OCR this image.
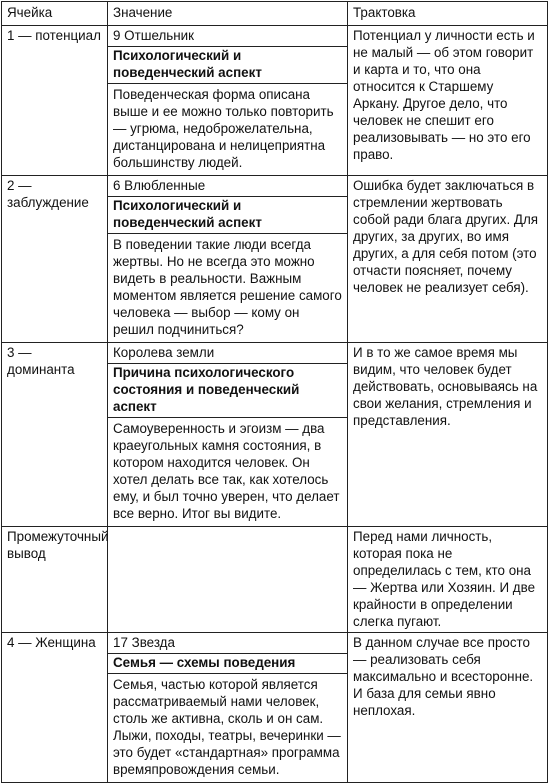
Ячейка	Значение	Трактовка
1 — потенциал	9 Отшельник
Психологический и поведенческий аспект
Поведенческая форма описана выше и ее можно только повторить — угрюма, недоброжелательна, дистанцирована и нелицеприятна большинству людей.	Потенциал у личности есть и не малый — об этом говорит и карта и то, что она относится к Старшему Аркану. Другое дело, что человек не спешит его реализовывать — но это его право.
2 — заблуждение	6 Влюбленные
Психологический и поведенческий аспект
В поведении такие люди всегда жертвы. Но не всегда это можно видеть в реальности. Важным моментом является решение самого человека — выбор — кому он решил подчиниться?	Ошибка будет заключаться в стремлении жертвовать собой ради блага других. Для других, за других, во имя других, а для себя потом (это отчасти поясняет, почему человек не реализует себя).
3 — доминанта	Королева земли
Причина психологического состояния и поведенческий аспект
Самоуверенность и эгоизм — два краеугольных камня состояния, в котором находится человек. Он хотел делать все так, как хотелось ему, и был точно уверен, что делает все верно. Итог вы видите.	И в то же самое время мы видим, что человек будет действовать, основываясь на свои желания, стремления и представления.
Промежуточный вывод		Перед нами личность, которая пока не определилась с тем, кто она — Жертва или Хозяин. И две крайности в определении слегка пугают.
4 — Женщина	17 Звезда
Семья — схемы поведения
Семья, частью которой является рассматриваемый нами человек, столь же активна, сколь и он сам. Лыжи, походы, театры, вечеринки — это будет «стандартная» программа времяпровождения семьи.	В данном случае все просто — реализовать себя максимально и всесторонне. И база для семьи явно неплохая.
